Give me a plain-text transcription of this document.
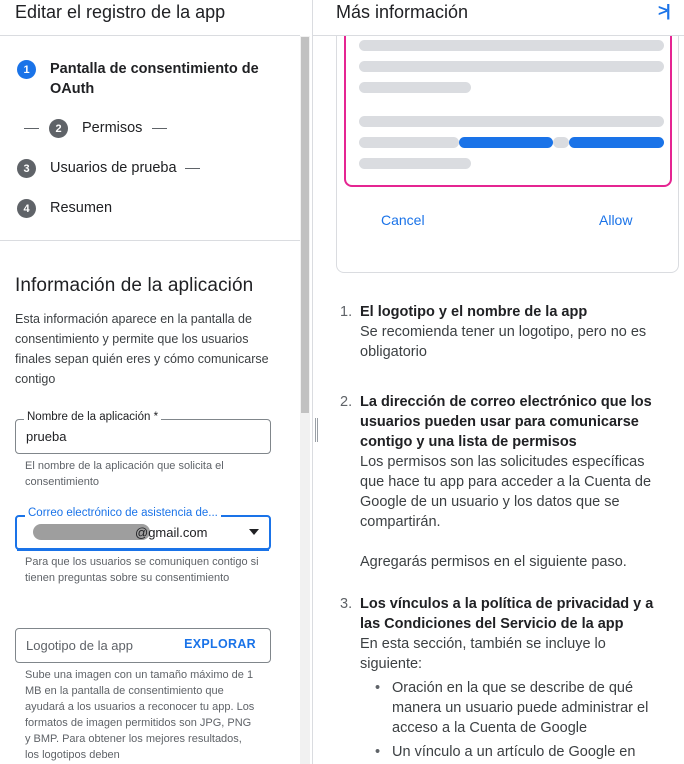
Editar el registro de la app
1	Pantalla de consentimiento de OAuth
2	Permisos
3	Usuarios de prueba
4	Resumen
Información de la aplicación
Esta información aparece en la pantalla de consentimiento y permite que los usuarios finales sepan quién eres y cómo comunicarse contigo
Nombre de la aplicación *
prueba
El nombre de la aplicación que solicita el consentimiento
Correo electrónico de asistencia de...
@gmail.com
Para que los usuarios se comuniquen contigo si tienen preguntas sobre su consentimiento
Logotipo de la app	EXPLORAR
Sube una imagen con un tamaño máximo de 1 MB en la pantalla de consentimiento que ayudará a los usuarios a reconocer tu app. Los formatos de imagen permitidos son JPG, PNG y BMP. Para obtener los mejores resultados, los logotipos deben
Cancel	Allow
Más información	>|
1. El logotipo y el nombre de la app
Se recomienda tener un logotipo, pero no es obligatorio
2. La dirección de correo electrónico que los usuarios pueden usar para comunicarse contigo y una lista de permisos
Los permisos son las solicitudes específicas que hace tu app para acceder a la Cuenta de Google de un usuario y los datos que se compartirán.
Agregarás permisos en el siguiente paso.
3. Los vínculos a la política de privacidad y a las Condiciones del Servicio de la app
En esta sección, también se incluye lo siguiente:
• Oración en la que se describe de qué manera un usuario puede administrar el acceso a la Cuenta de Google
• Un vínculo a un artículo de Google en
